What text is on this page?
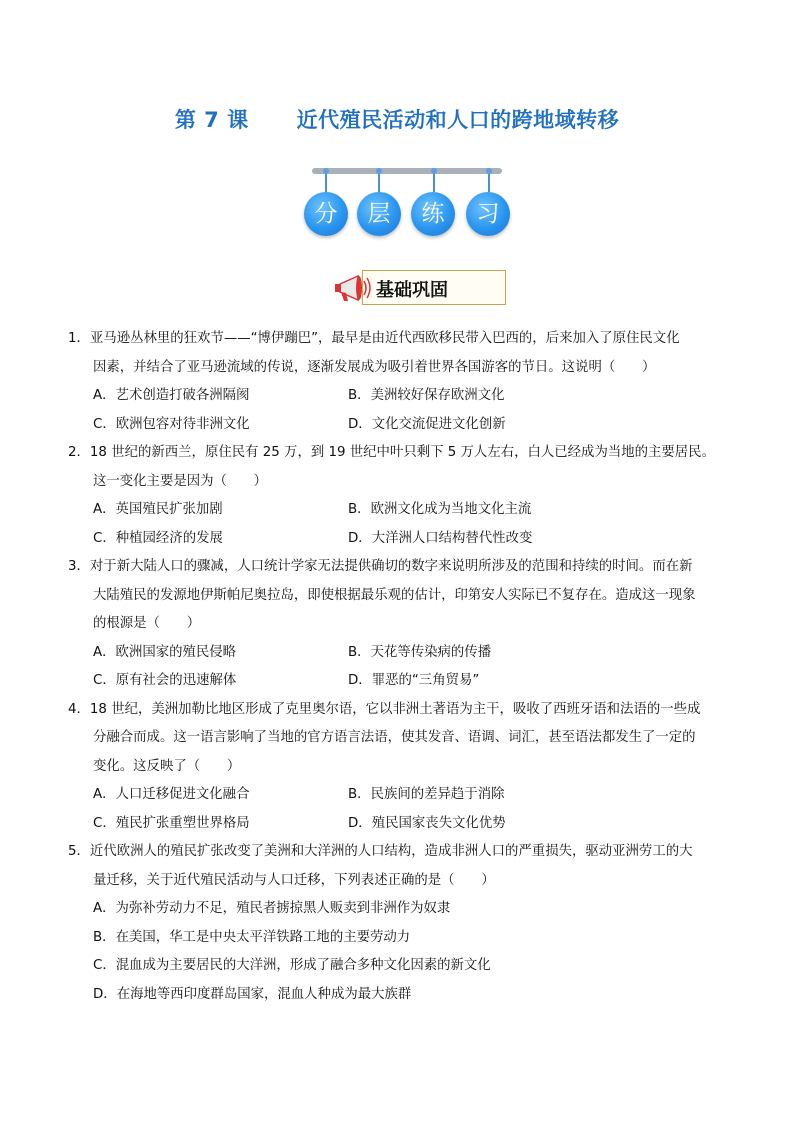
第 7 课 近代殖民活动和人口的跨地域转移
分	层	练	习
基础巩固
1．亚马逊丛林里的狂欢节——“博伊蹦巴”，最早是由近代西欧移民带入巴西的，后来加入了原住民文化
因素，并结合了亚马逊流域的传说，逐渐发展成为吸引着世界各国游客的节日。这说明（　　）
A．艺术创造打破各洲隔阂	B．美洲较好保存欧洲文化
C．欧洲包容对待非洲文化	D．文化交流促进文化创新
2．18 世纪的新西兰，原住民有 25 万，到 19 世纪中叶只剩下 5 万人左右，白人已经成为当地的主要居民。
这一变化主要是因为（　　）
A．英国殖民扩张加剧	B．欧洲文化成为当地文化主流
C．种植园经济的发展	D．大洋洲人口结构替代性改变
3．对于新大陆人口的骤减，人口统计学家无法提供确切的数字来说明所涉及的范围和持续的时间。而在新
大陆殖民的发源地伊斯帕尼奥拉岛，即使根据最乐观的估计，印第安人实际已不复存在。造成这一现象
的根源是（　　）
A．欧洲国家的殖民侵略	B．天花等传染病的传播
C．原有社会的迅速解体	D．罪恶的“三角贸易”
4．18 世纪，美洲加勒比地区形成了克里奥尔语，它以非洲土著语为主干，吸收了西班牙语和法语的一些成
分融合而成。这一语言影响了当地的官方语言法语，使其发音、语调、词汇，甚至语法都发生了一定的
变化。这反映了（　　）
A．人口迁移促进文化融合	B．民族间的差异趋于消除
C．殖民扩张重塑世界格局	D．殖民国家丧失文化优势
5．近代欧洲人的殖民扩张改变了美洲和大洋洲的人口结构，造成非洲人口的严重损失，驱动亚洲劳工的大
量迁移，关于近代殖民活动与人口迁移，下列表述正确的是（　　）
A．为弥补劳动力不足，殖民者掳掠黑人贩卖到非洲作为奴隶
B．在美国，华工是中央太平洋铁路工地的主要劳动力
C．混血成为主要居民的大洋洲，形成了融合多种文化因素的新文化
D．在海地等西印度群岛国家，混血人种成为最大族群
